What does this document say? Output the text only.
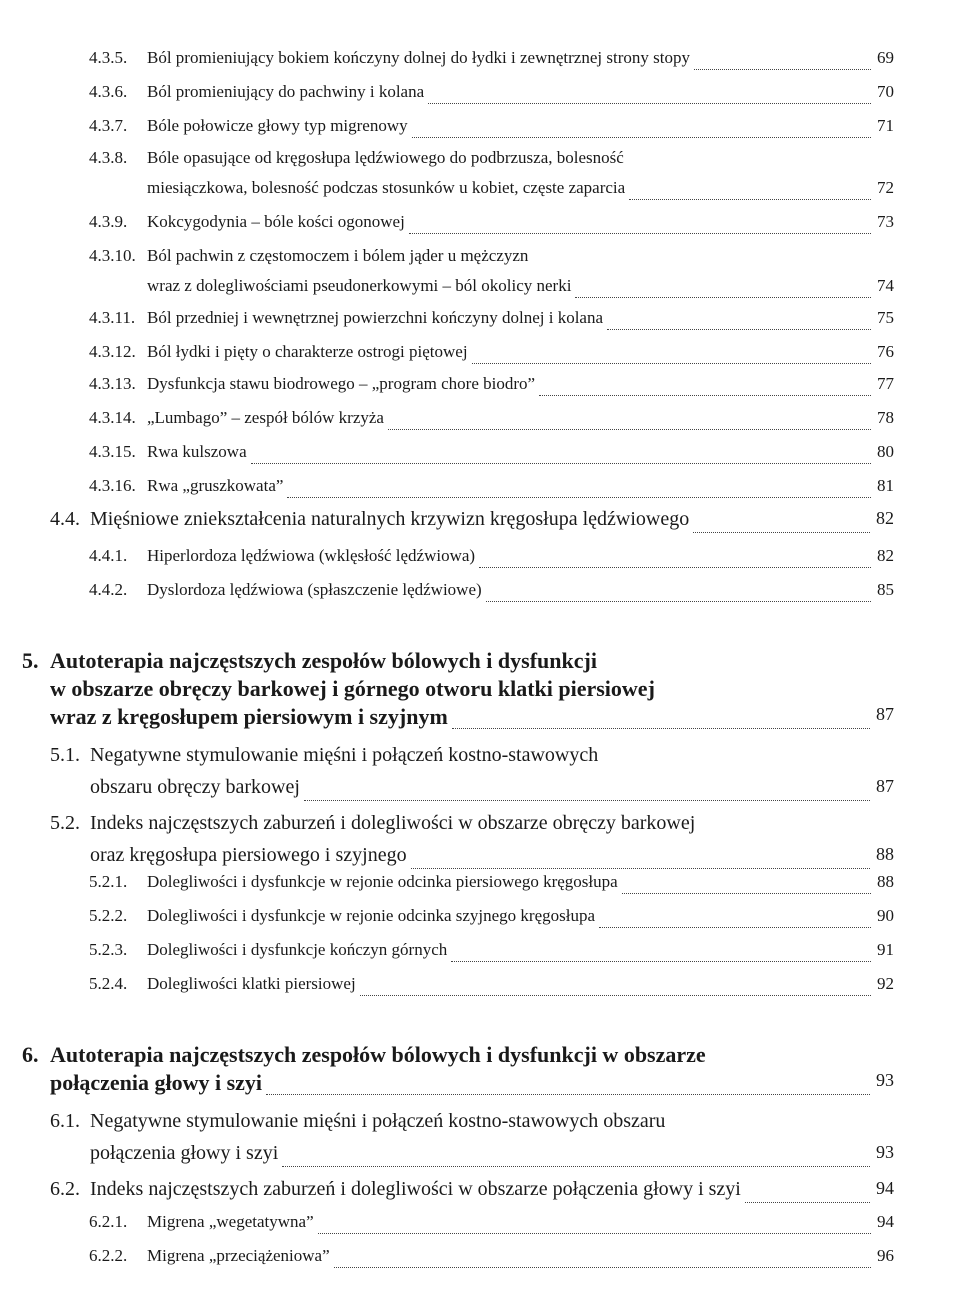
4.3.5. Ból promieniujący bokiem kończyny dolnej do łydki i zewnętrznej strony stopy	69
4.3.6. Ból promieniujący do pachwiny i kolana	70
4.3.7. Bóle połowicze głowy typ migrenowy	71
4.3.8. Bóle opasujące od kręgosłupa lędźwiowego do podbrzusza, bolesność
miesiączkowa, bolesność podczas stosunków u kobiet, częste zaparcia	72
4.3.9. Kokcygodynia – bóle kości ogonowej	73
4.3.10. Ból pachwin z częstomoczem i bólem jąder u mężczyzn
wraz z dolegliwościami pseudonerkowymi – ból okolicy nerki	74
4.3.11. Ból przedniej i wewnętrznej powierzchni kończyny dolnej i kolana	75
4.3.12. Ból łydki i pięty o charakterze ostrogi piętowej	76
4.3.13. Dysfunkcja stawu biodrowego – „program chore biodro”	77
4.3.14. „Lumbago” – zespół bólów krzyża	78
4.3.15. Rwa kulszowa	80
4.3.16. Rwa „gruszkowata”	81
4.4. Mięśniowe zniekształcenia naturalnych krzywizn kręgosłupa lędźwiowego	82
4.4.1. Hiperlordoza lędźwiowa (wklęsłość lędźwiowa)	82
4.4.2. Dyslordoza lędźwiowa (spłaszczenie lędźwiowe)	85
5. Autoterapia najczęstszych zespołów bólowych i dysfunkcji
w obszarze obręczy barkowej i górnego otworu klatki piersiowej
wraz z kręgosłupem piersiowym i szyjnym	87
5.1. Negatywne stymulowanie mięśni i połączeń kostno-stawowych
obszaru obręczy barkowej	87
5.2. Indeks najczęstszych zaburzeń i dolegliwości w obszarze obręczy barkowej
oraz kręgosłupa piersiowego i szyjnego	88
5.2.1. Dolegliwości i dysfunkcje w rejonie odcinka piersiowego kręgosłupa	88
5.2.2. Dolegliwości i dysfunkcje w rejonie odcinka szyjnego kręgosłupa	90
5.2.3. Dolegliwości i dysfunkcje kończyn górnych	91
5.2.4. Dolegliwości klatki piersiowej	92
6. Autoterapia najczęstszych zespołów bólowych i dysfunkcji w obszarze
połączenia głowy i szyi	93
6.1. Negatywne stymulowanie mięśni i połączeń kostno-stawowych obszaru
połączenia głowy i szyi	93
6.2. Indeks najczęstszych zaburzeń i dolegliwości w obszarze połączenia głowy i szyi	94
6.2.1. Migrena „wegetatywna”	94
6.2.2. Migrena „przeciążeniowa”	96
